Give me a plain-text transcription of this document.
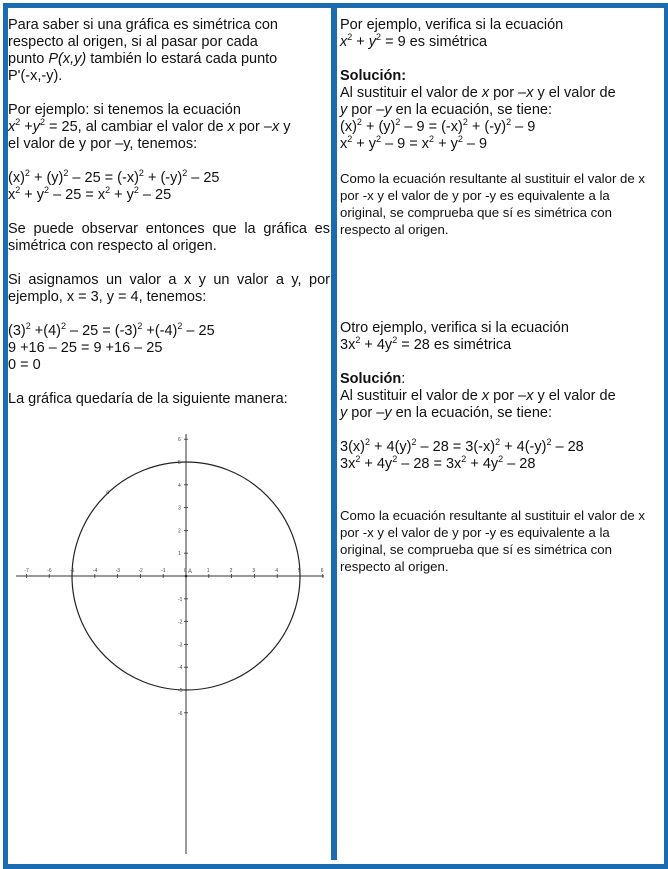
Para saber si una gráfica es simétrica con
respecto al origen, si al pasar por cada
punto P(x,y) también lo estará cada punto
P'(-x,-y).

Por ejemplo: si tenemos la ecuación
$x^2 +y^2 = 25$, al cambiar el valor de x por –x y
el valor de y por –y, tenemos:

$(x)^2 + (y)^2 - 25 = (-x)^2 + (-y)^2 - 25$

$x^2 + y^2 - 25 = x^2 + y^2 - 25$

Se puede observar entonces que la gráfica es simétrica con respecto al origen.

Si asignamos un valor a x y un valor a y, por ejemplo, x = 3, y = 4, tenemos:

$(3)^2 +(4)^2 - 25 = (-3)^2 +(-4)^2 - 25$

9 +16 – 25 = 9 +16 – 25

0 = 0

La gráfica quedaría de la siguiente manera:

-7	-6	-5	-4	-3	-2	-1	0	1	2	3	4	5	6
6
5
4
3
2
1
-1
-2
-3
-4
-5
-6
c
A

Por ejemplo, verifica si la ecuación
$x^2 + y^2 = 9$ es simétrica

Solución:

Al sustituir el valor de x por –x y el valor de
y por –y en la ecuación, se tiene:

$(x)^2 + (y)^2 - 9 = (-x)^2 + (-y)^2 - 9$

$x^2 + y^2 - 9 = x^2 + y^2 - 9$

Como la ecuación resultante al sustituir el valor de x por -x y el valor de y por -y es equivalente a la original, se comprueba que sí es simétrica con respecto al origen.

Otro ejemplo, verifica si la ecuación
$3x^2 + 4y^2 = 28$ es simétrica

Solución:

Al sustituir el valor de x por –x y el valor de
y por –y en la ecuación, se tiene:

$3(x)^2 + 4(y)^2 - 28 = 3(-x)^2 + 4(-y)^2 - 28$

$3x^2 + 4y^2 - 28 = 3x^2 + 4y^2 - 28$

Como la ecuación resultante al sustituir el valor de x por -x y el valor de y por -y es equivalente a la original, se comprueba que sí es simétrica con respecto al origen.
